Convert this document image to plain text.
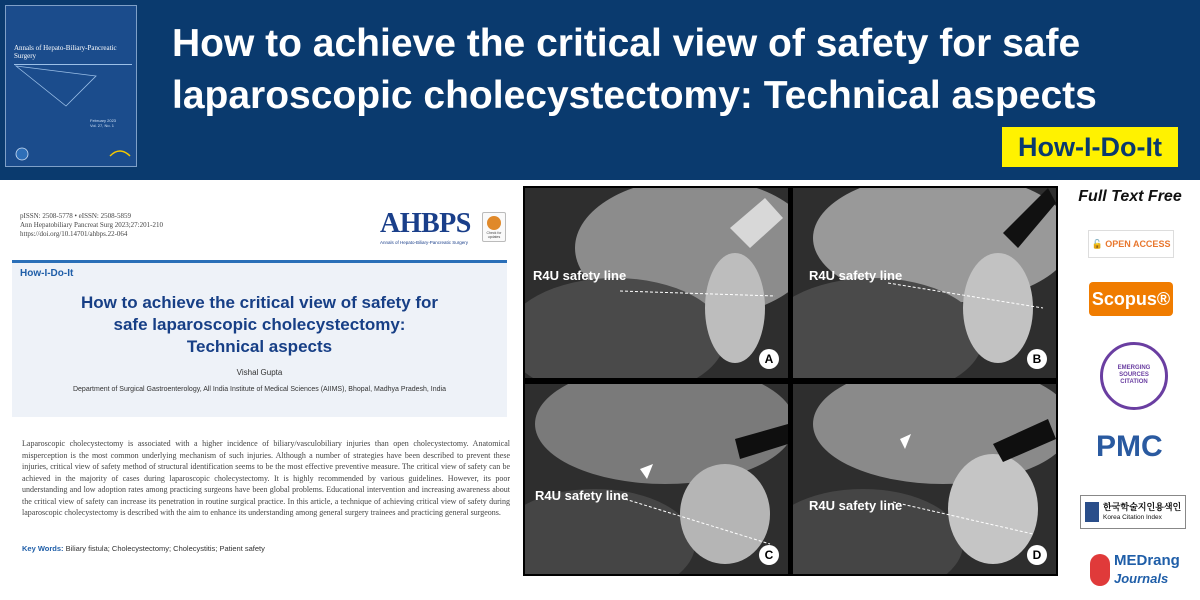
Annals of Hepato-Biliary-Pancreatic Surgery
February 2023
Vol. 27, No. 1
How to achieve the critical view of safety for safe laparoscopic cholecystectomy: Technical aspects
How-I-Do-It
pISSN: 2508-5778 • eISSN: 2508-5859
Ann Hepatobiliary Pancreat Surg 2023;27:201-210
https://doi.org/10.14701/ahbps.22-064	AHBPS
Annals of Hepato-Biliary-Pancreatic Surgery
Check for updates
How-I-Do-It
How to achieve the critical view of safety for
safe laparoscopic cholecystectomy:
Technical aspects
Vishal Gupta
Department of Surgical Gastroenterology, All India Institute of Medical Sciences (AIIMS), Bhopal, Madhya Pradesh, India

Laparoscopic cholecystectomy is associated with a higher incidence of biliary/vasculobiliary injuries than open cholecystectomy. Anatomical misperception is the most common underlying mechanism of such injuries. Although a number of strategies have been described to prevent these injuries, critical view of safety method of structural identification seems to be the most effective preventive measure. The critical view of safety can be achieved in the majority of cases during laparoscopic cholecystectomy. It is highly recommended by various guidelines. However, its poor understanding and low adoption rates among practicing surgeons have been global problems. Educational intervention and increasing awareness about the critical view of safety can increase its penetration in routine surgical practice. In this article, a technique of achieving critical view of safety during laparoscopic cholecystectomy is described with the aim to enhance its understanding among general surgery trainees and practicing general surgeons.

Key Words: Biliary fistula; Cholecystectomy; Cholecystitis; Patient safety
R4U safety line
A
R4U safety line
B
R4U safety line
C
R4U safety line
D
Full Text Free
🔓 OPEN ACCESS
Scopus®
EMERGING SOURCES CITATION
PMC
한국학술지인용색인
Korea Citation Index
MEDrang
Journals
